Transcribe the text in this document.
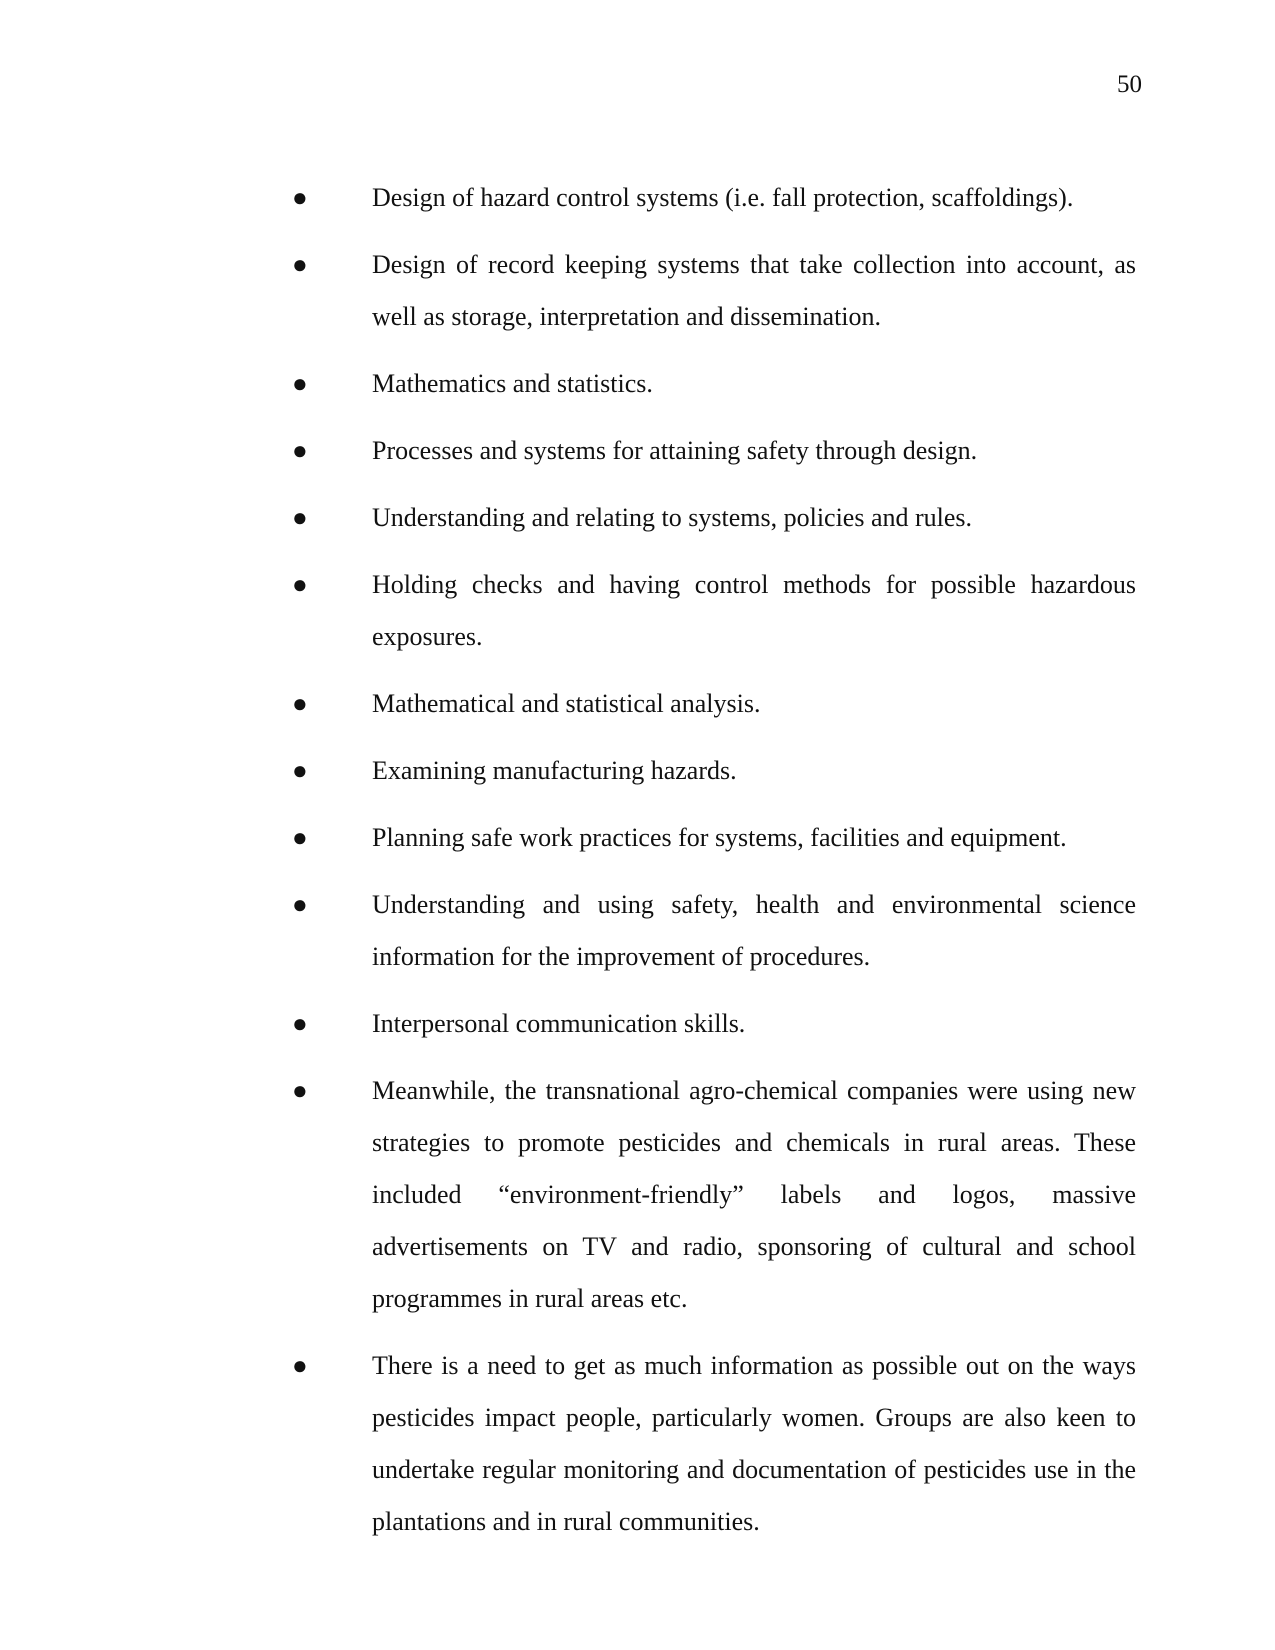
50
●	Design of hazard control systems (i.e. fall protection, scaffoldings).
●	Design of record keeping systems that take collection into account, as well as storage, interpretation and dissemination.
●	Mathematics and statistics.
●	Processes and systems for attaining safety through design.
●	Understanding and relating to systems, policies and rules.
●	Holding checks and having control methods for possible hazardous exposures.
●	Mathematical and statistical analysis.
●	Examining manufacturing hazards.
●	Planning safe work practices for systems, facilities and equipment.
●	Understanding and using safety, health and environmental science information for the improvement of procedures.
●	Interpersonal communication skills.
●	Meanwhile, the transnational agro-chemical companies were using new strategies to promote pesticides and chemicals in rural areas. These included “environment-friendly” labels and logos, massive advertisements on TV and radio, sponsoring of cultural and school programmes in rural areas etc.
●	There is a need to get as much information as possible out on the ways pesticides impact people, particularly women. Groups are also keen to undertake regular monitoring and documentation of pesticides use in the plantations and in rural communities.
